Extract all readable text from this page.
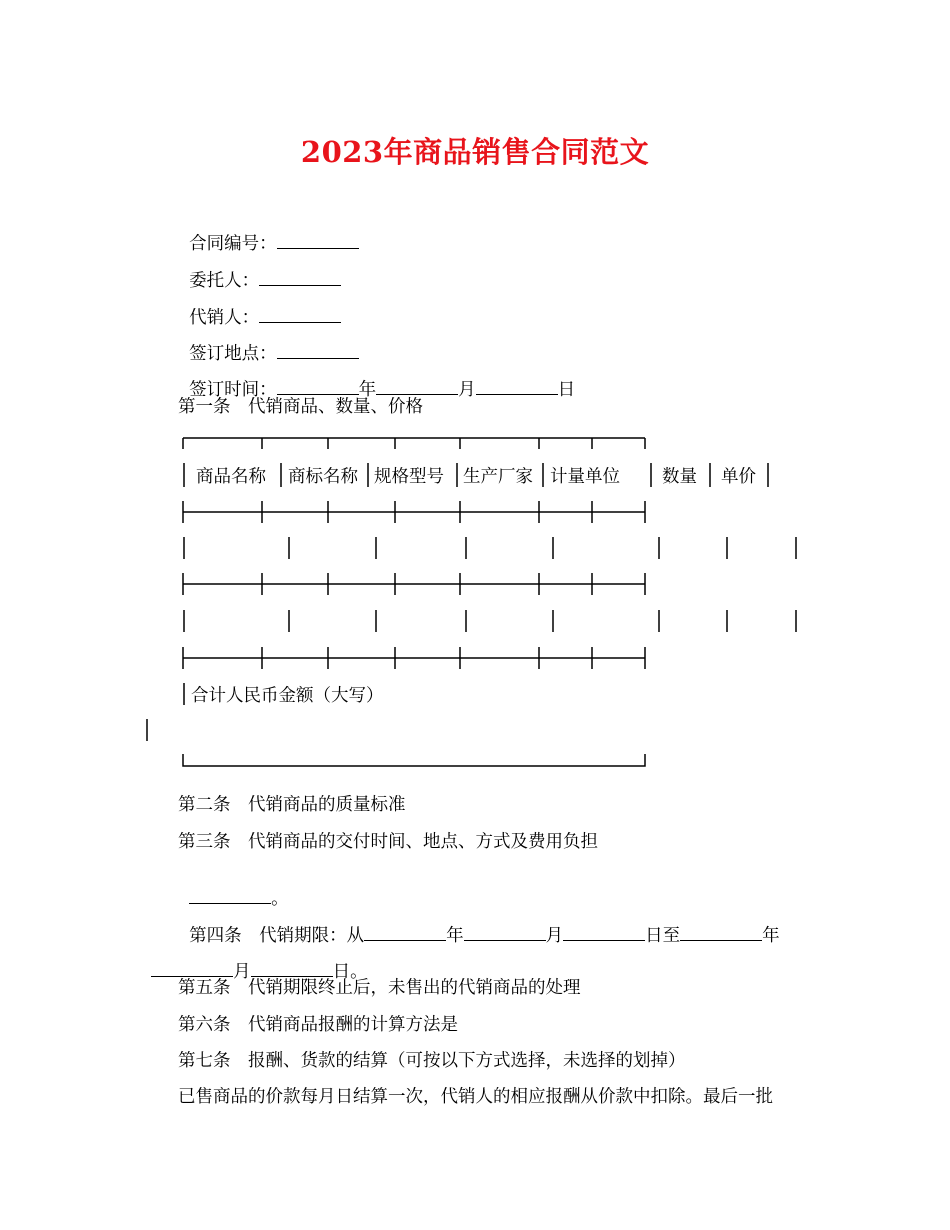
2023年商品销售合同范文

合同编号：

委托人：

代销人：

签订地点：

签订时间：	年	月	日

第一条　代销商品、数量、价格
商品名称 商标名称 规格型号 生产厂家 计量单位 数量 单价
合计人民币金额（大写）
第二条　代销商品的质量标准
第三条　代销商品的交付时间、地点、方式及费用负担

。

第四条　代销期限：从	年	月	日至	年

月	日。

第五条　代销期限终止后，未售出的代销商品的处理
第六条　代销商品报酬的计算方法是
第七条　报酬、货款的结算（可按以下方式选择，未选择的划掉）
已售商品的价款每月日结算一次，代销人的相应报酬从价款中扣除。最后一批
